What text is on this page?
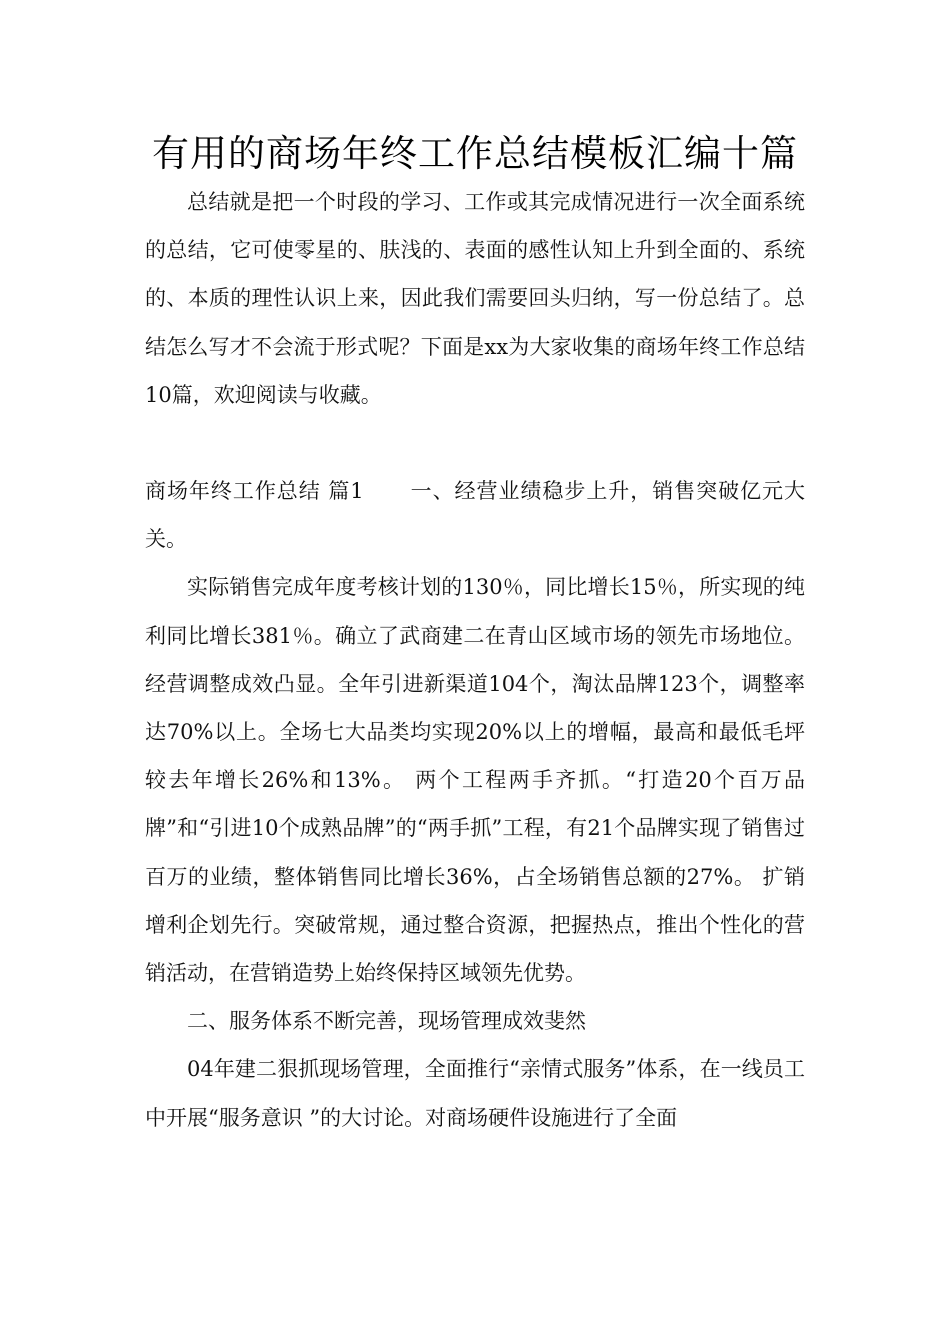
有用的商场年终工作总结模板汇编十篇

总结就是把一个时段的学习、工作或其完成情况进行一次全面系统的总结，它可使零星的、肤浅的、表面的感性认知上升到全面的、系统的、本质的理性认识上来，因此我们需要回头归纳，写一份总结了。总结怎么写才不会流于形式呢？下面是xx为大家收集的商场年终工作总结10篇，欢迎阅读与收藏。

商场年终工作总结 篇1 一、经营业绩稳步上升，销售突破亿元大关。

实际销售完成年度考核计划的130％，同比增长15％，所实现的纯利同比增长381％。确立了武商建二在青山区域市场的领先市场地位。 经营调整成效凸显。全年引进新渠道104个，淘汰品牌123个，调整率达70%以上。全场七大品类均实现20%以上的增幅，最高和最低毛坪较去年增长26%和13%。 两个工程两手齐抓。“打造20个百万品牌”和“引进10个成熟品牌”的“两手抓”工程，有21个品牌实现了销售过百万的业绩，整体销售同比增长36%，占全场销售总额的27%。 扩销增利企划先行。突破常规，通过整合资源，把握热点，推出个性化的营销活动，在营销造势上始终保持区域领先优势。

二、服务体系不断完善，现场管理成效斐然

04年建二狠抓现场管理，全面推行“亲情式服务”体系，在一线员工中开展“服务意识 ”的大讨论。对商场硬件设施进行了全面
